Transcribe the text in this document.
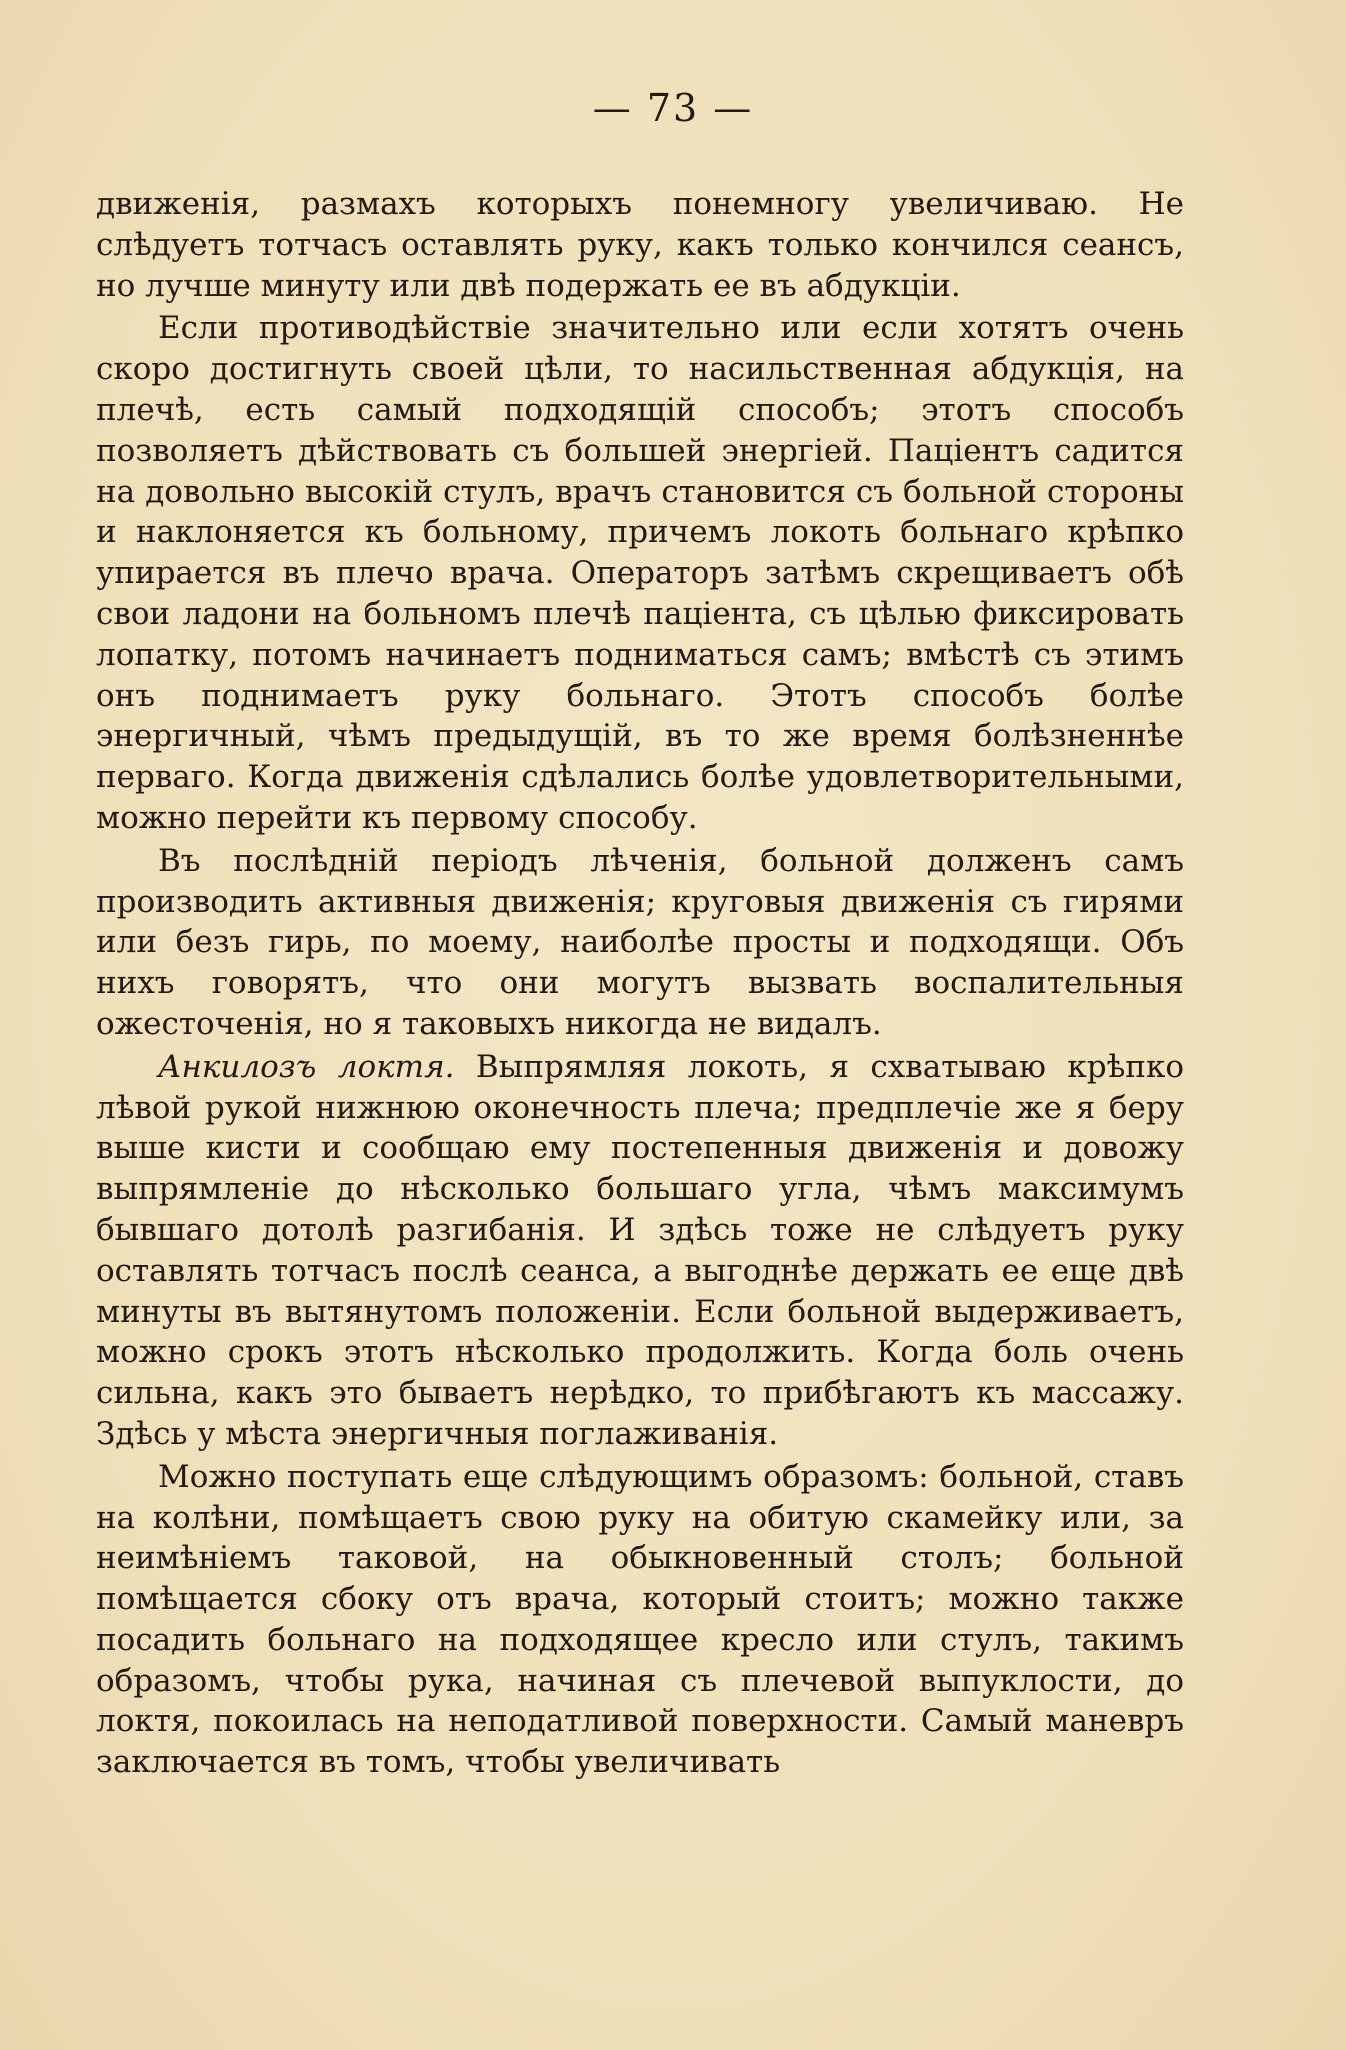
— 73 —

движенія, размахъ которыхъ понемногу увеличиваю. Не слѣдуетъ тотчасъ оставлять руку, какъ только кончился сеансъ, но лучше минуту или двѣ подержать ее въ абдукціи.

Если противодѣйствіе значительно или если хотятъ очень скоро достигнуть своей цѣли, то насильственная абдукція, на плечѣ, есть самый подходящій способъ; этотъ способъ позволяетъ дѣйствовать съ большей энергіей. Паціентъ садится на довольно высокій стулъ, врачъ становится съ больной стороны и наклоняется къ больному, причемъ локоть больнаго крѣпко упирается въ плечо врача. Операторъ затѣмъ скрещиваетъ обѣ свои ладони на больномъ плечѣ паціента, съ цѣлью фиксировать лопатку, потомъ начинаетъ подниматься самъ; вмѣстѣ съ этимъ онъ поднимаетъ руку больнаго. Этотъ способъ болѣе энергичный, чѣмъ предыдущій, въ то же время болѣзненнѣе перваго. Когда движенія сдѣлались болѣе удовлетворительными, можно перейти къ первому способу.

Въ послѣдній періодъ лѣченія, больной долженъ самъ производить активныя движенія; круговыя движенія съ гирями или безъ гирь, по моему, наиболѣе просты и подходящи. Объ нихъ говорятъ, что они могутъ вызвать воспалительныя ожесточенія, но я таковыхъ никогда не видалъ.

Анкилозъ локтя. Выпрямляя локоть, я схватываю крѣпко лѣвой рукой нижнюю оконечность плеча; предплечіе же я беру выше кисти и сообщаю ему постепенныя движенія и довожу выпрямленіе до нѣсколько большаго угла, чѣмъ максимумъ бывшаго дотолѣ разгибанія. И здѣсь тоже не слѣдуетъ руку оставлять тотчасъ послѣ сеанса, а выгоднѣе держать ее еще двѣ минуты въ вытянутомъ положеніи. Если больной выдерживаетъ, можно срокъ этотъ нѣсколько продолжить. Когда боль очень сильна, какъ это бываетъ нерѣдко, то прибѣгаютъ къ массажу. Здѣсь у мѣста энергичныя поглаживанія.

Можно поступать еще слѣдующимъ образомъ: больной, ставъ на колѣни, помѣщаетъ свою руку на обитую скамейку или, за неимѣніемъ таковой, на обыкновенный столъ; больной помѣщается сбоку отъ врача, который стоитъ; можно также посадить больнаго на подходящее кресло или стулъ, такимъ образомъ, чтобы рука, начиная съ плечевой выпуклости, до локтя, покоилась на неподатливой поверхности. Самый маневръ заключается въ томъ, чтобы увеличивать
